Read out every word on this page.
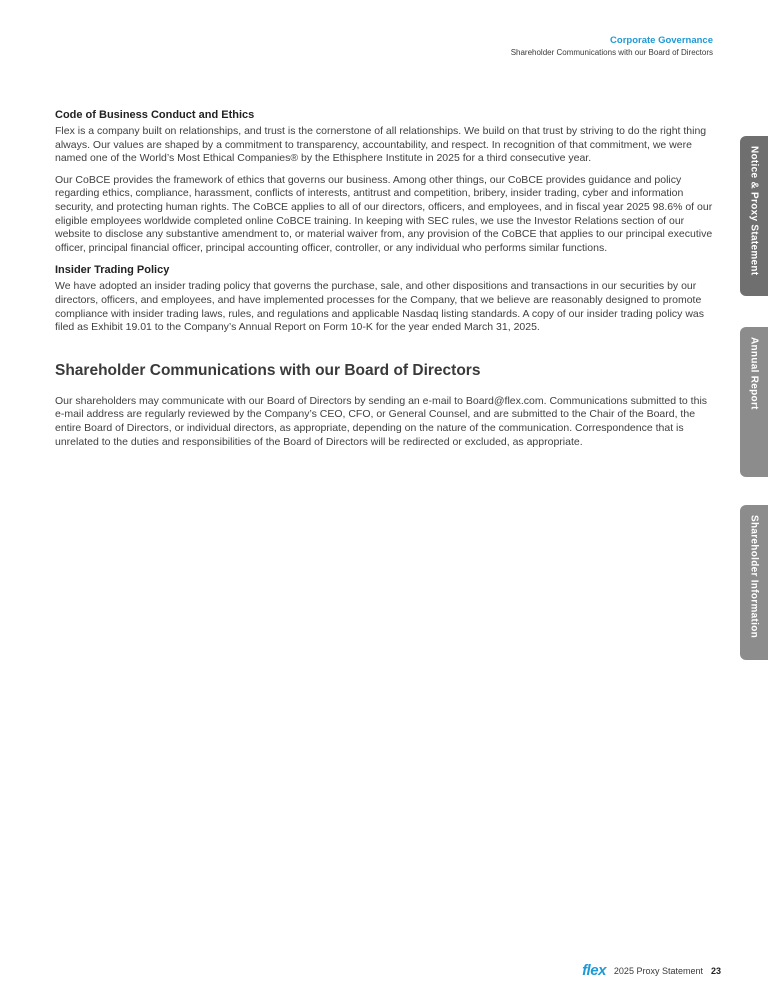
Corporate Governance
Shareholder Communications with our Board of Directors
Code of Business Conduct and Ethics

Flex is a company built on relationships, and trust is the cornerstone of all relationships. We build on that trust by striving to do the right thing always. Our values are shaped by a commitment to transparency, accountability, and respect. In recognition of that commitment, we were named one of the World’s Most Ethical Companies® by the Ethisphere Institute in 2025 for a third consecutive year.

Our CoBCE provides the framework of ethics that governs our business. Among other things, our CoBCE provides guidance and policy regarding ethics, compliance, harassment, conflicts of interests, antitrust and competition, bribery, insider trading, cyber and information security, and protecting human rights. The CoBCE applies to all of our directors, officers, and employees, and in fiscal year 2025 98.6% of our eligible employees worldwide completed online CoBCE training. In keeping with SEC rules, we use the Investor Relations section of our website to disclose any substantive amendment to, or material waiver from, any provision of the CoBCE that applies to our principal executive officer, principal financial officer, principal accounting officer, controller, or any individual who performs similar functions.

Insider Trading Policy

We have adopted an insider trading policy that governs the purchase, sale, and other dispositions and transactions in our securities by our directors, officers, and employees, and have implemented processes for the Company, that we believe are reasonably designed to promote compliance with insider trading laws, rules, and regulations and applicable Nasdaq listing standards. A copy of our insider trading policy was filed as Exhibit 19.01 to the Company’s Annual Report on Form 10-K for the year ended March 31, 2025.

Shareholder Communications with our Board of Directors

Our shareholders may communicate with our Board of Directors by sending an e-mail to Board@flex.com. Communications submitted to this e-mail address are regularly reviewed by the Company’s CEO, CFO, or General Counsel, and are submitted to the Chair of the Board, the entire Board of Directors, or individual directors, as appropriate, depending on the nature of the communication. Correspondence that is unrelated to the duties and responsibilities of the Board of Directors will be redirected or excluded, as appropriate.

Notice & Proxy Statement
Annual Report
Shareholder Information
flex 2025 Proxy Statement 23
